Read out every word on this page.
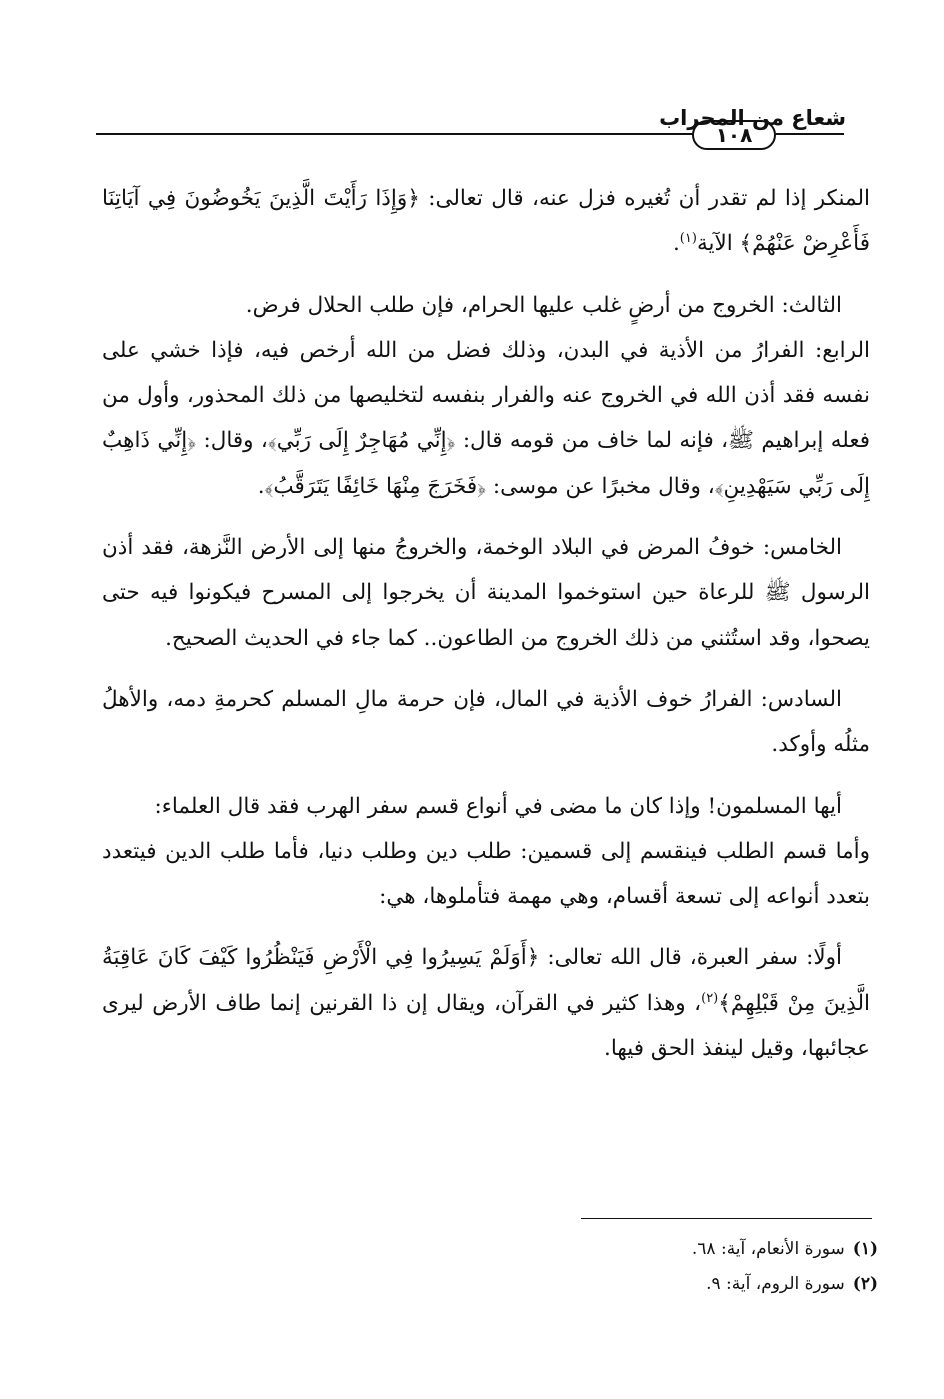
شعاع من المحراب
١٠٨

المنكر إذا لم تقدر أن تُغيره فزل عنه، قال تعالى: ﴿وَإِذَا رَأَيْتَ الَّذِينَ يَخُوضُونَ فِي آيَاتِنَا فَأَعْرِضْ عَنْهُمْ﴾ الآية$^{(١)}$.

الثالث: الخروج من أرضٍ غلب عليها الحرام، فإن طلب الحلال فرض.

الرابع: الفرارُ من الأذية في البدن، وذلك فضل من الله أرخص فيه، فإذا خشي على نفسه فقد أذن الله في الخروج عنه والفرار بنفسه لتخليصها من ذلك المحذور، وأول من فعله إبراهيم ﷺ، فإنه لما خاف من قومه قال: ﴿إِنِّي مُهَاجِرٌ إِلَى رَبِّي﴾، وقال: ﴿إِنِّي ذَاهِبٌ إِلَى رَبِّي سَيَهْدِينِ﴾، وقال مخبرًا عن موسى: ﴿فَخَرَجَ مِنْهَا خَائِفًا يَتَرَقَّبُ﴾.

الخامس: خوفُ المرض في البلاد الوخمة، والخروجُ منها إلى الأرض النَّزهة، فقد أذن الرسول ﷺ للرعاة حين استوخموا المدينة أن يخرجوا إلى المسرح فيكونوا فيه حتى يصحوا، وقد استُثني من ذلك الخروج من الطاعون.. كما جاء في الحديث الصحيح.

السادس: الفرارُ خوف الأذية في المال، فإن حرمة مالِ المسلم كحرمةِ دمه، والأهلُ مثلُه وأوكد.

أيها المسلمون! وإذا كان ما مضى في أنواع قسم سفر الهرب فقد قال العلماء:

وأما قسم الطلب فينقسم إلى قسمين: طلب دين وطلب دنيا، فأما طلب الدين فيتعدد بتعدد أنواعه إلى تسعة أقسام، وهي مهمة فتأملوها، هي:

أولًا: سفر العبرة، قال الله تعالى: ﴿أَوَلَمْ يَسِيرُوا فِي الْأَرْضِ فَيَنْظُرُوا كَيْفَ كَانَ عَاقِبَةُ الَّذِينَ مِنْ قَبْلِهِمْ﴾$^{(٢)}$، وهذا كثير في القرآن، ويقال إن ذا القرنين إنما طاف الأرض ليرى عجائبها، وقيل لينفذ الحق فيها.

(١)سورة الأنعام، آية: ٦٨.
(٢)سورة الروم، آية: ٩.
